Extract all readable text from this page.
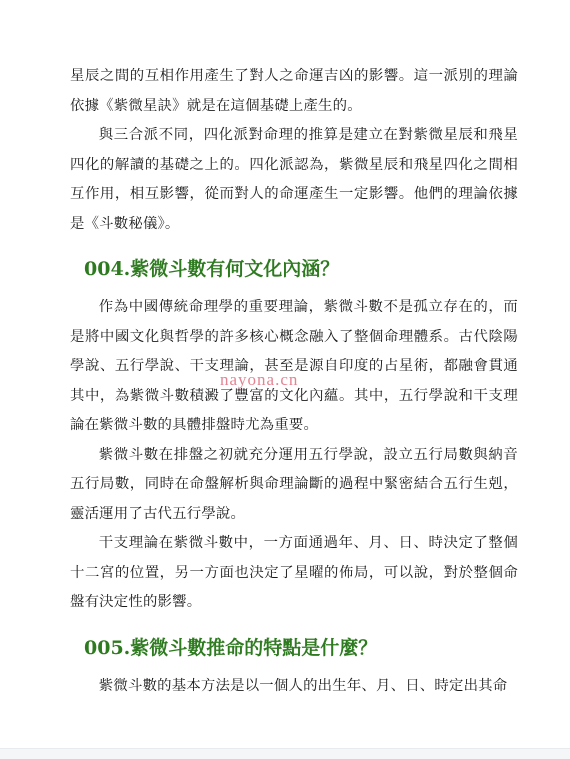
星辰之間的互相作用產生了對人之命運吉凶的影響。這一派別的理論依據《紫微星訣》就是在這個基礎上產生的。

與三合派不同，四化派對命理的推算是建立在對紫微星辰和飛星四化的解讀的基礎之上的。四化派認為，紫微星辰和飛星四化之間相互作用，相互影響，從而對人的命運產生一定影響。他們的理論依據是《斗數秘儀》。

004.紫微斗數有何文化內涵？

作為中國傳統命理學的重要理論，紫微斗數不是孤立存在的，而是將中國文化與哲學的許多核心概念融入了整個命理體系。古代陰陽學說、五行學說、干支理論，甚至是源自印度的占星術，都融會貫通其中，為紫微斗數積澱了豐富的文化內蘊。其中，五行學說和干支理論在紫微斗數的具體排盤時尤為重要。

紫微斗數在排盤之初就充分運用五行學說，設立五行局數與納音五行局數，同時在命盤解析與命理論斷的過程中緊密結合五行生剋，靈活運用了古代五行學說。

干支理論在紫微斗數中，一方面通過年、月、日、時決定了整個十二宮的位置，另一方面也決定了星曜的佈局，可以說，對於整個命盤有決定性的影響。

005.紫微斗數推命的特點是什麼？

紫微斗數的基本方法是以一個人的出生年、月、日、時定出其命

nayona.cn
